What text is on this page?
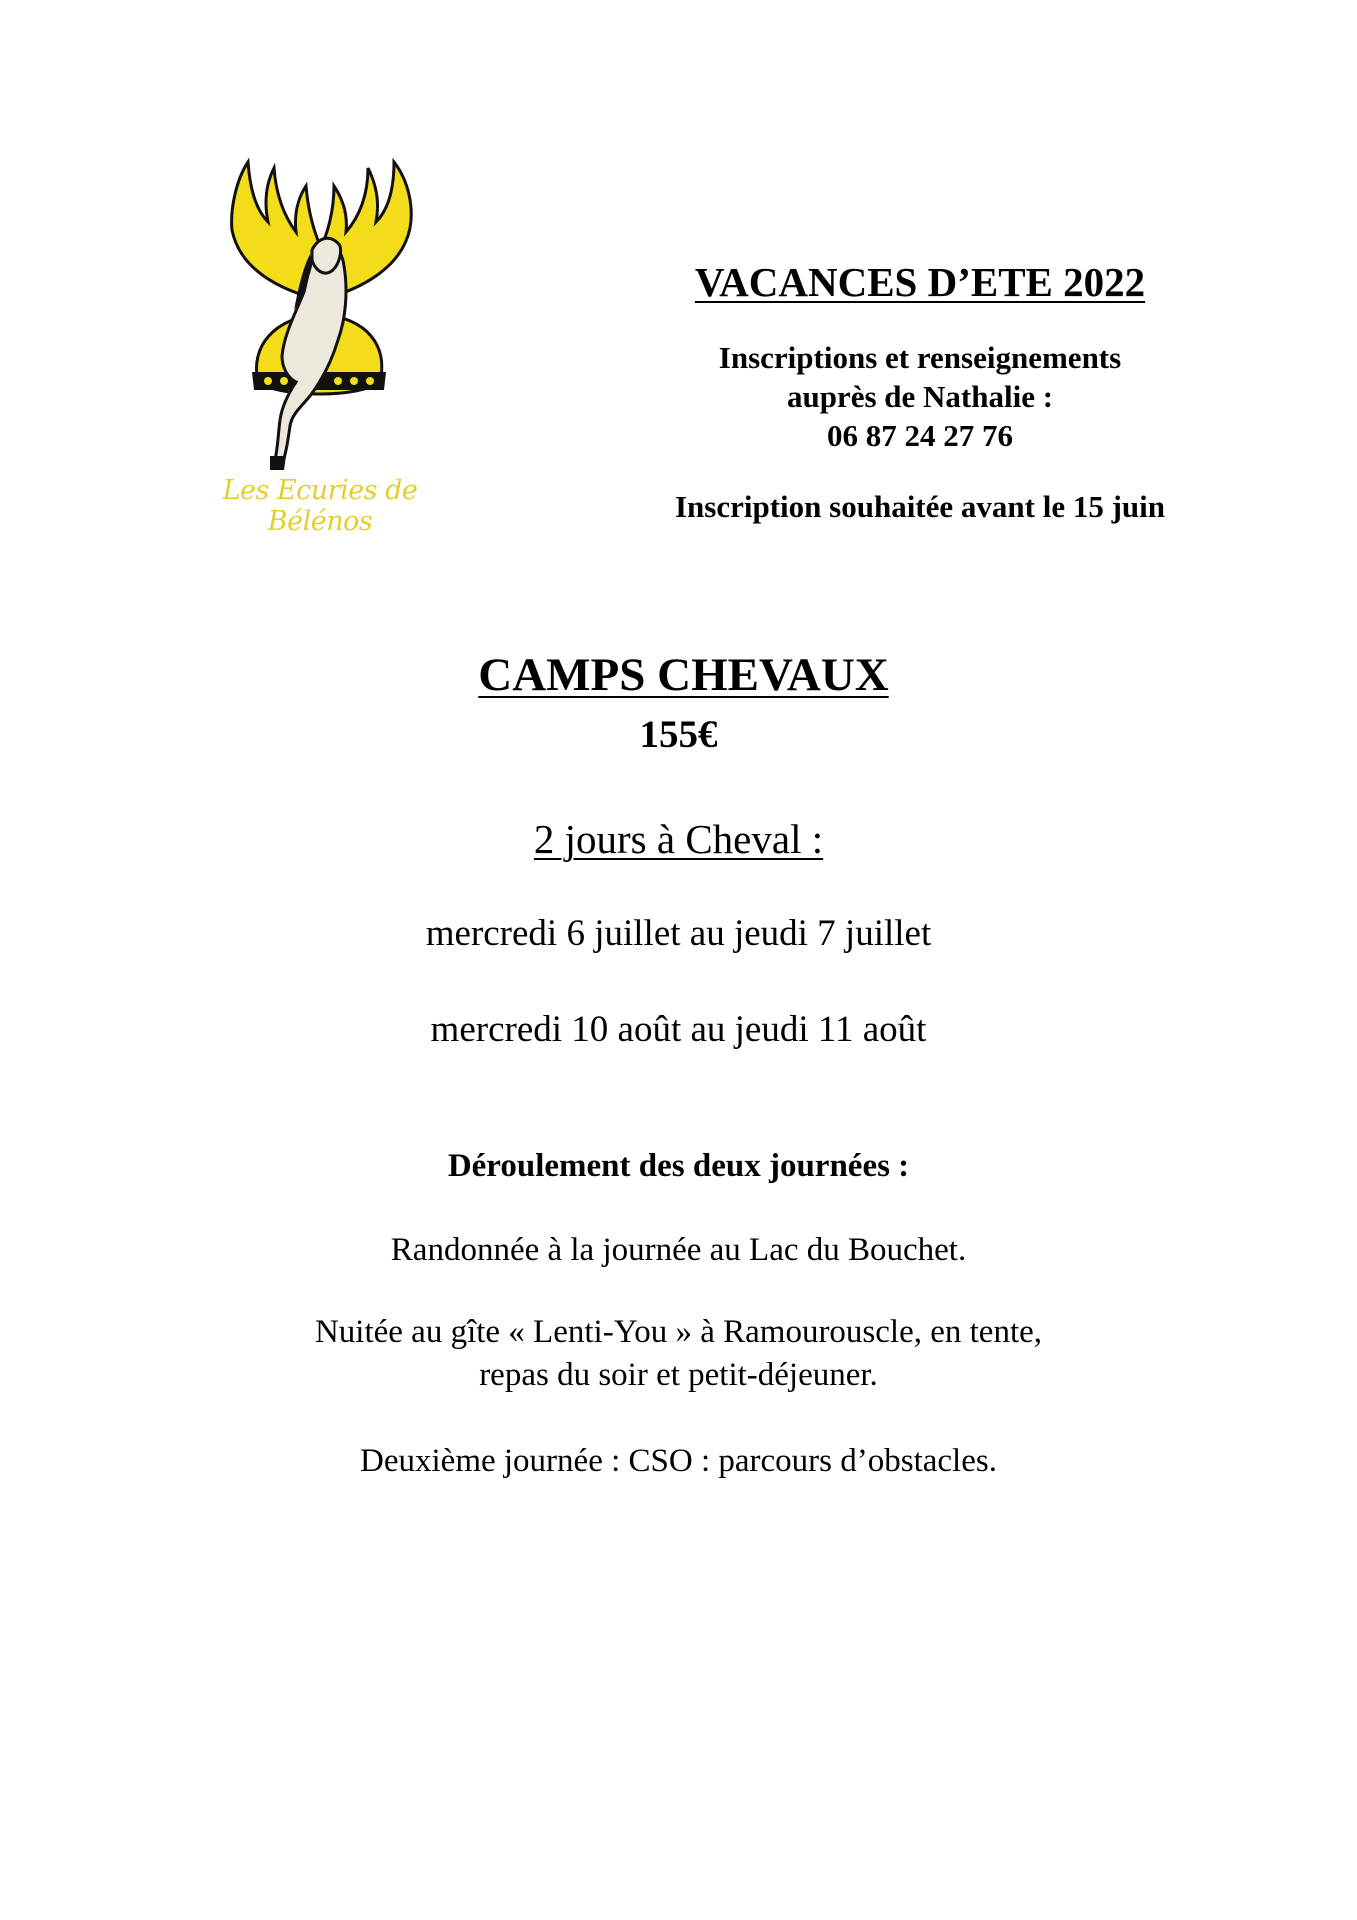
Les Ecuries de Bélénos
VACANCES D’ETE 2022
Inscriptions et renseignements
auprès de Nathalie :
06 87 24 27 76
Inscription souhaitée avant le 15 juin
CAMPS CHEVAUX
155€
2 jours à Cheval :
mercredi 6 juillet au jeudi 7 juillet
mercredi 10 août au jeudi 11 août
Déroulement des deux journées :
Randonnée à la journée au Lac du Bouchet.
Nuitée au gîte « Lenti-You » à Ramourouscle, en tente,
repas du soir et petit-déjeuner.
Deuxième journée : CSO : parcours d’obstacles.
